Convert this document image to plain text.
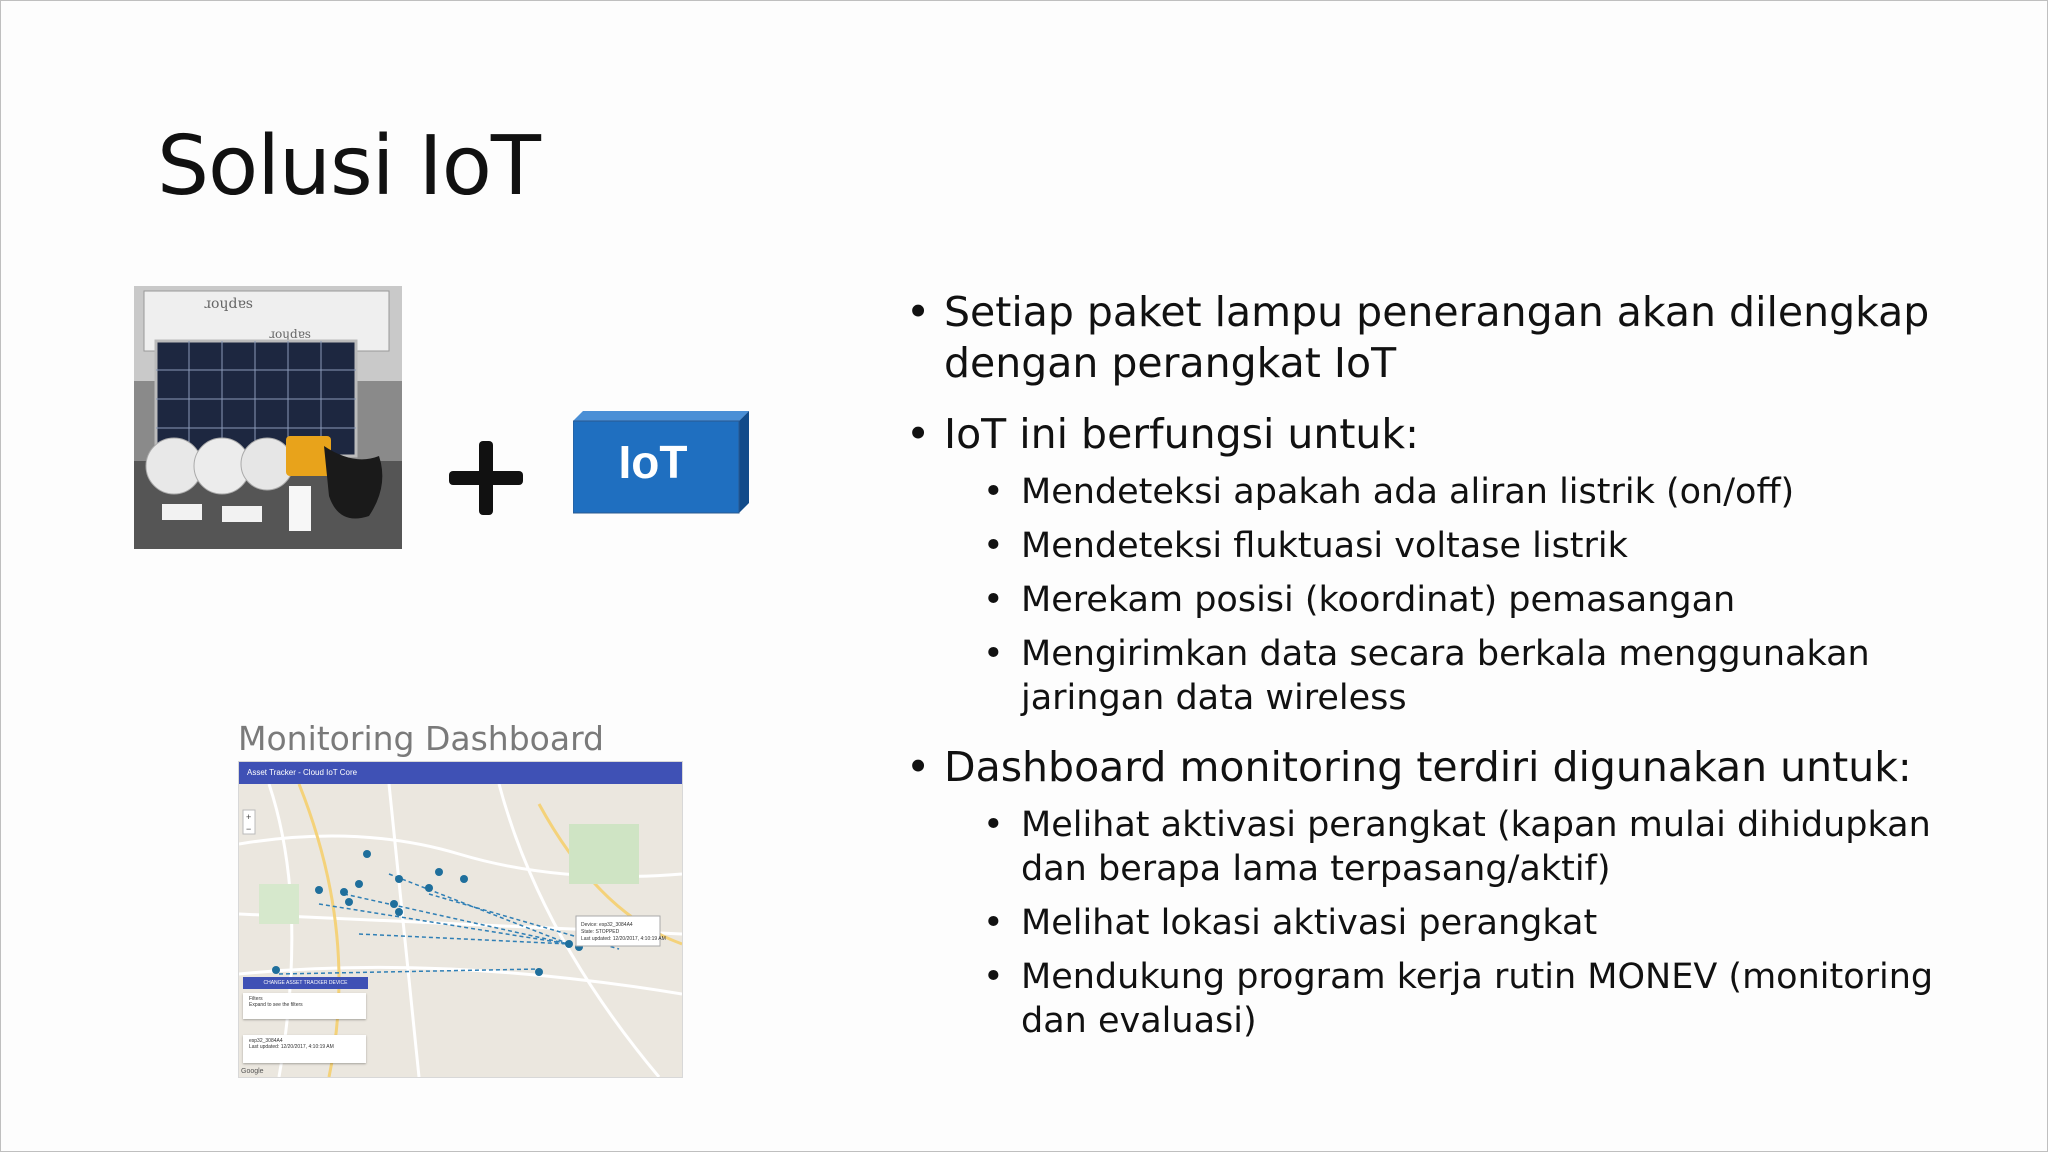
Solusi IoT
ɹoɥdɐs
ɹoɥdɐs
IoT
• Setiap paket lampu penerangan akan dilengkap dengan perangkat IoT
• IoT ini berfungsi untuk:
• Mendeteksi apakah ada aliran listrik (on/off)
• Mendeteksi fluktuasi voltase listrik
• Merekam posisi (koordinat) pemasangan
• Mengirimkan data secara berkala menggunakan jaringan data wireless
• Dashboard monitoring terdiri digunakan untuk:
• Melihat aktivasi perangkat (kapan mulai dihidupkan dan berapa lama terpasang/aktif)
• Melihat lokasi aktivasi perangkat
• Mendukung program kerja rutin MONEV (monitoring dan evaluasi)
Monitoring Dashboard
Asset Tracker - Cloud IoT Core
Device: esp32_3084A4
State: STOPPED
Last updated: 12/20/2017, 4:10:19 AM
+
−
CHANGE ASSET TRACKER DEVICE
Filters
Expand to see the filters
esp32_3084A4
Last updated: 12/20/2017, 4:10:19 AM
Google
